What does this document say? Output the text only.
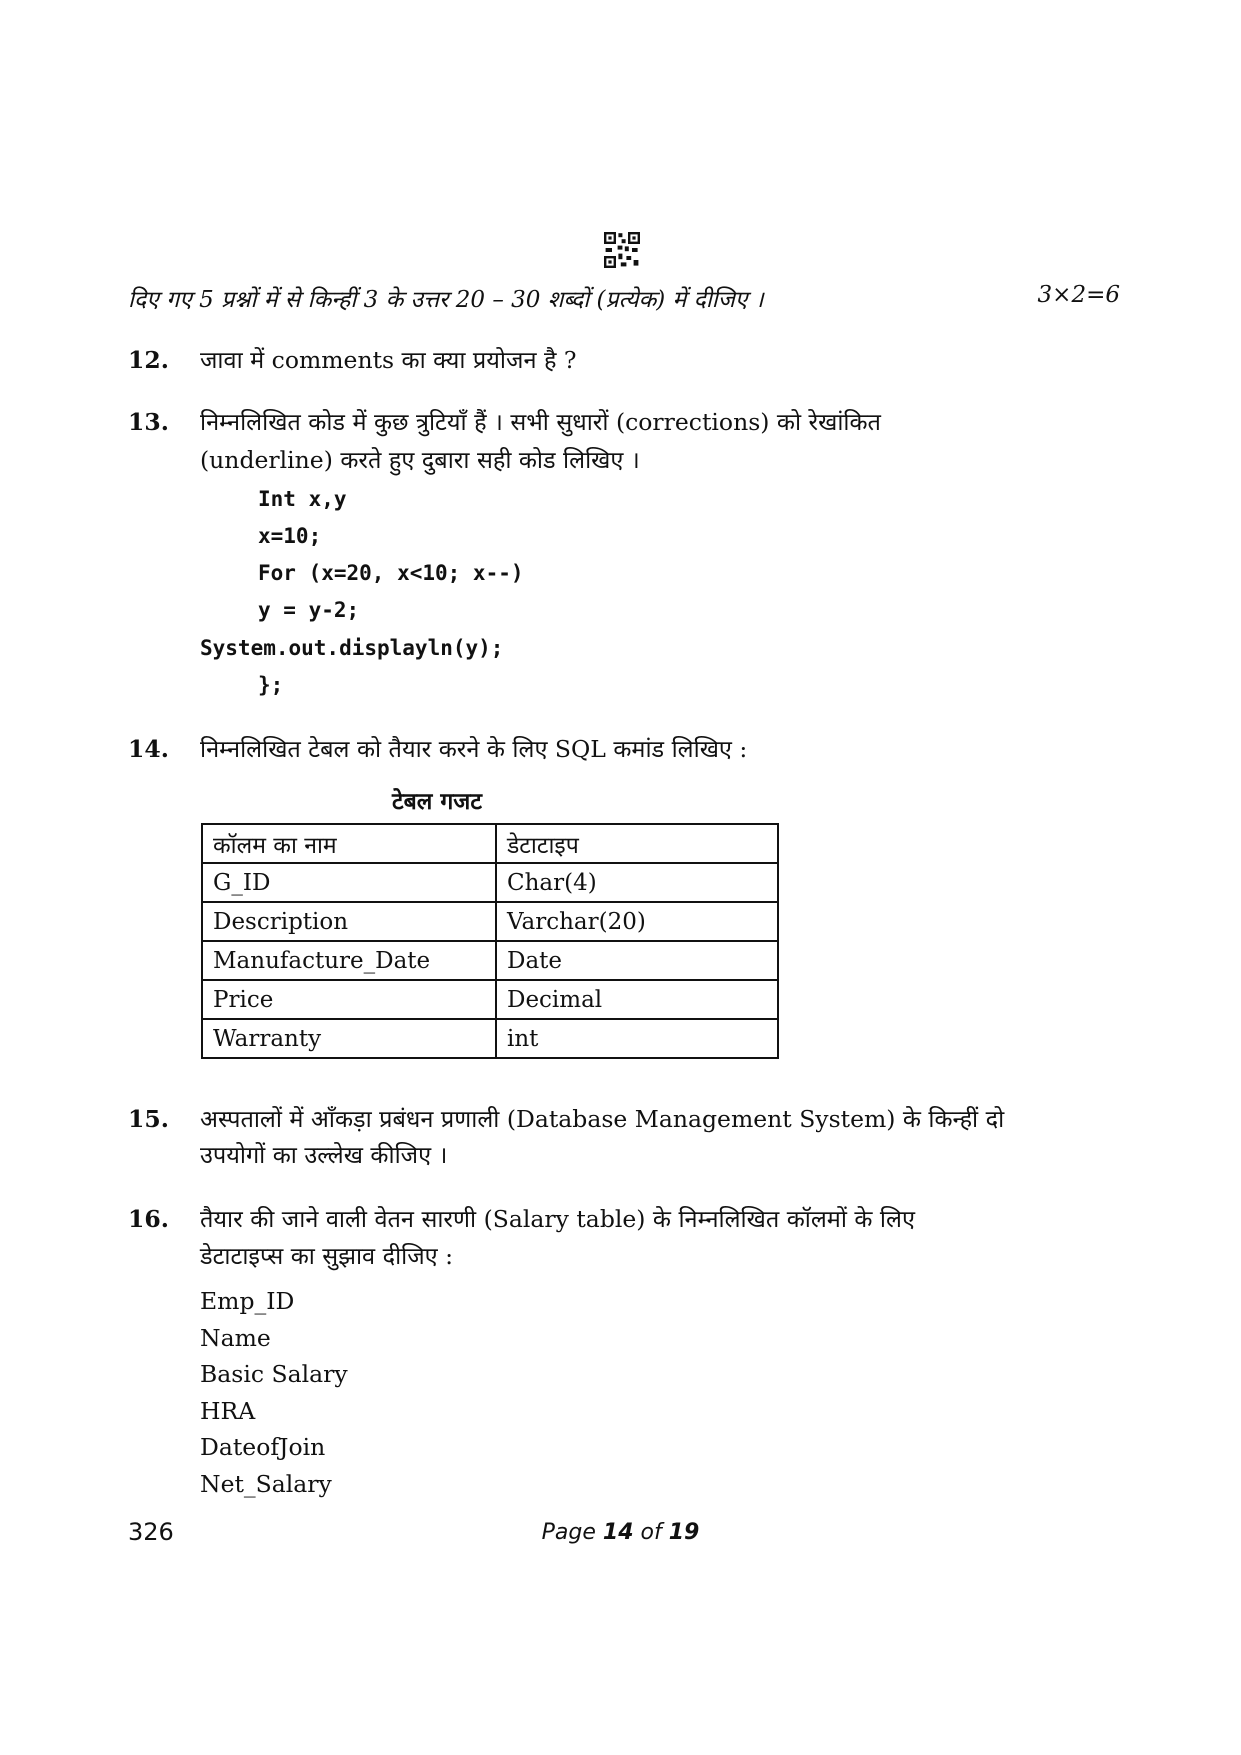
दिए गए 5 प्रश्नों में से किन्हीं 3 के उत्तर 20 – 30 शब्दों (प्रत्येक) में दीजिए ।	3×2=6
12. जावा में comments का क्या प्रयोजन है ?
13. निम्नलिखित कोड में कुछ त्रुटियाँ हैं । सभी सुधारों (corrections) को रेखांकित
(underline) करते हुए दुबारा सही कोड लिखिए ।
Int x,y
x=10;
For (x=20, x<10; x--)
y = y-2;
System.out.displayln(y);
};
14. निम्नलिखित टेबल को तैयार करने के लिए SQL कमांड लिखिए :
टेबल गजट
कॉलम का नाम	डेटाटाइप
G_ID	Char(4)
Description	Varchar(20)
Manufacture_Date	Date
Price	Decimal
Warranty	int
15. अस्पतालों में आँकड़ा प्रबंधन प्रणाली (Database Management System) के किन्हीं दो
उपयोगों का उल्लेख कीजिए ।
16. तैयार की जाने वाली वेतन सारणी (Salary table) के निम्नलिखित कॉलमों के लिए
डेटाटाइप्स का सुझाव दीजिए :
Emp_ID
Name
Basic Salary
HRA
DateofJoin
Net_Salary
326	Page 14 of 19
